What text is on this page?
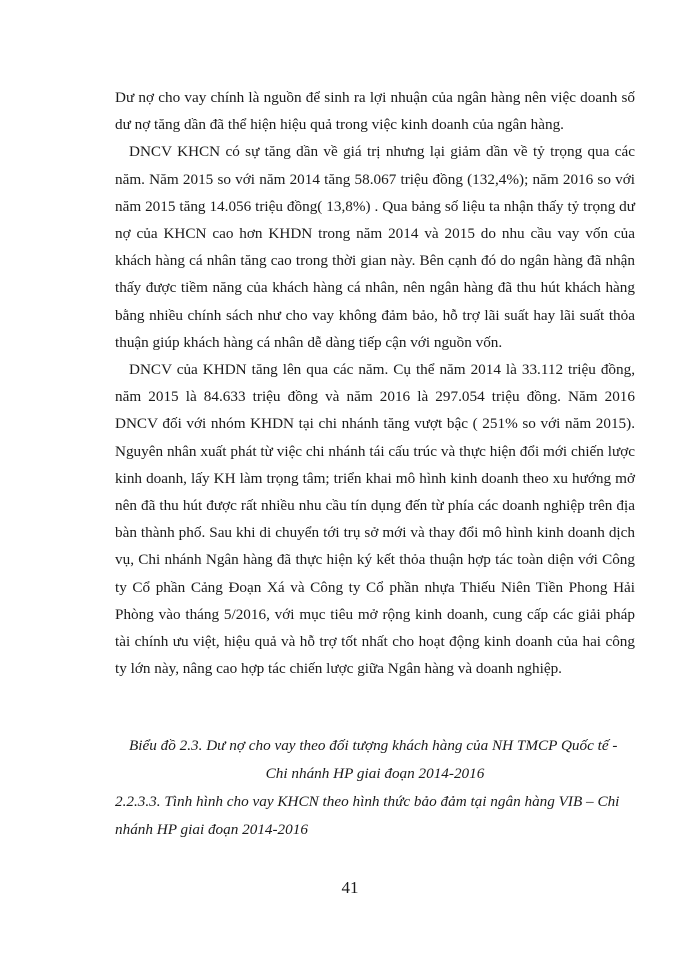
Dư nợ cho vay chính là nguồn để sinh ra lợi nhuận của ngân hàng nên việc doanh số dư nợ tăng dần đã thể hiện hiệu quả trong việc kinh doanh của ngân hàng.

DNCV KHCN có sự tăng dần về giá trị nhưng lại giảm dần về tỷ trọng qua các năm. Năm 2015 so với năm 2014 tăng 58.067 triệu đồng (132,4%); năm 2016 so với năm 2015 tăng 14.056 triệu đồng( 13,8%) . Qua bảng số liệu ta nhận thấy tỷ trọng dư nợ của KHCN cao hơn KHDN trong năm 2014 và 2015 do nhu cầu vay vốn của khách hàng cá nhân tăng cao trong thời gian này. Bên cạnh đó do ngân hàng đã nhận thấy được tiềm năng của khách hàng cá nhân, nên ngân hàng đã thu hút khách hàng bằng nhiều chính sách như cho vay không đảm bảo, hỗ trợ lãi suất hay lãi suất thỏa thuận giúp khách hàng cá nhân dễ dàng tiếp cận với nguồn vốn.

DNCV của KHDN tăng lên qua các năm. Cụ thể năm 2014 là 33.112 triệu đồng, năm 2015 là 84.633 triệu đồng và năm 2016 là 297.054 triệu đồng. Năm 2016 DNCV đối với nhóm KHDN tại chi nhánh tăng vượt bậc ( 251% so với năm 2015). Nguyên nhân xuất phát từ việc chi nhánh tái cấu trúc và thực hiện đổi mới chiến lược kinh doanh, lấy KH làm trọng tâm; triển khai mô hình kinh doanh theo xu hướng mở nên đã thu hút được rất nhiều nhu cầu tín dụng đến từ phía các doanh nghiệp trên địa bàn thành phố. Sau khi di chuyển tới trụ sở mới và thay đổi mô hình kinh doanh dịch vụ, Chi nhánh Ngân hàng đã thực hiện ký kết thỏa thuận hợp tác toàn diện với Công ty Cổ phần Cảng Đoạn Xá và Công ty Cổ phần nhựa Thiếu Niên Tiền Phong Hải Phòng vào tháng 5/2016, với mục tiêu mở rộng kinh doanh, cung cấp các giải pháp tài chính ưu việt, hiệu quả và hỗ trợ tốt nhất cho hoạt động kinh doanh của hai công ty lớn này, nâng cao hợp tác chiến lược giữa Ngân hàng và doanh nghiệp.

Biểu đồ 2.3. Dư nợ cho vay theo đối tượng khách hàng của NH TMCP Quốc tế -

Chi nhánh HP giai đoạn 2014-2016

2.2.3.3. Tình hình cho vay KHCN theo hình thức bảo đảm tại ngân hàng VIB – Chi

nhánh HP giai đoạn 2014-2016

41
